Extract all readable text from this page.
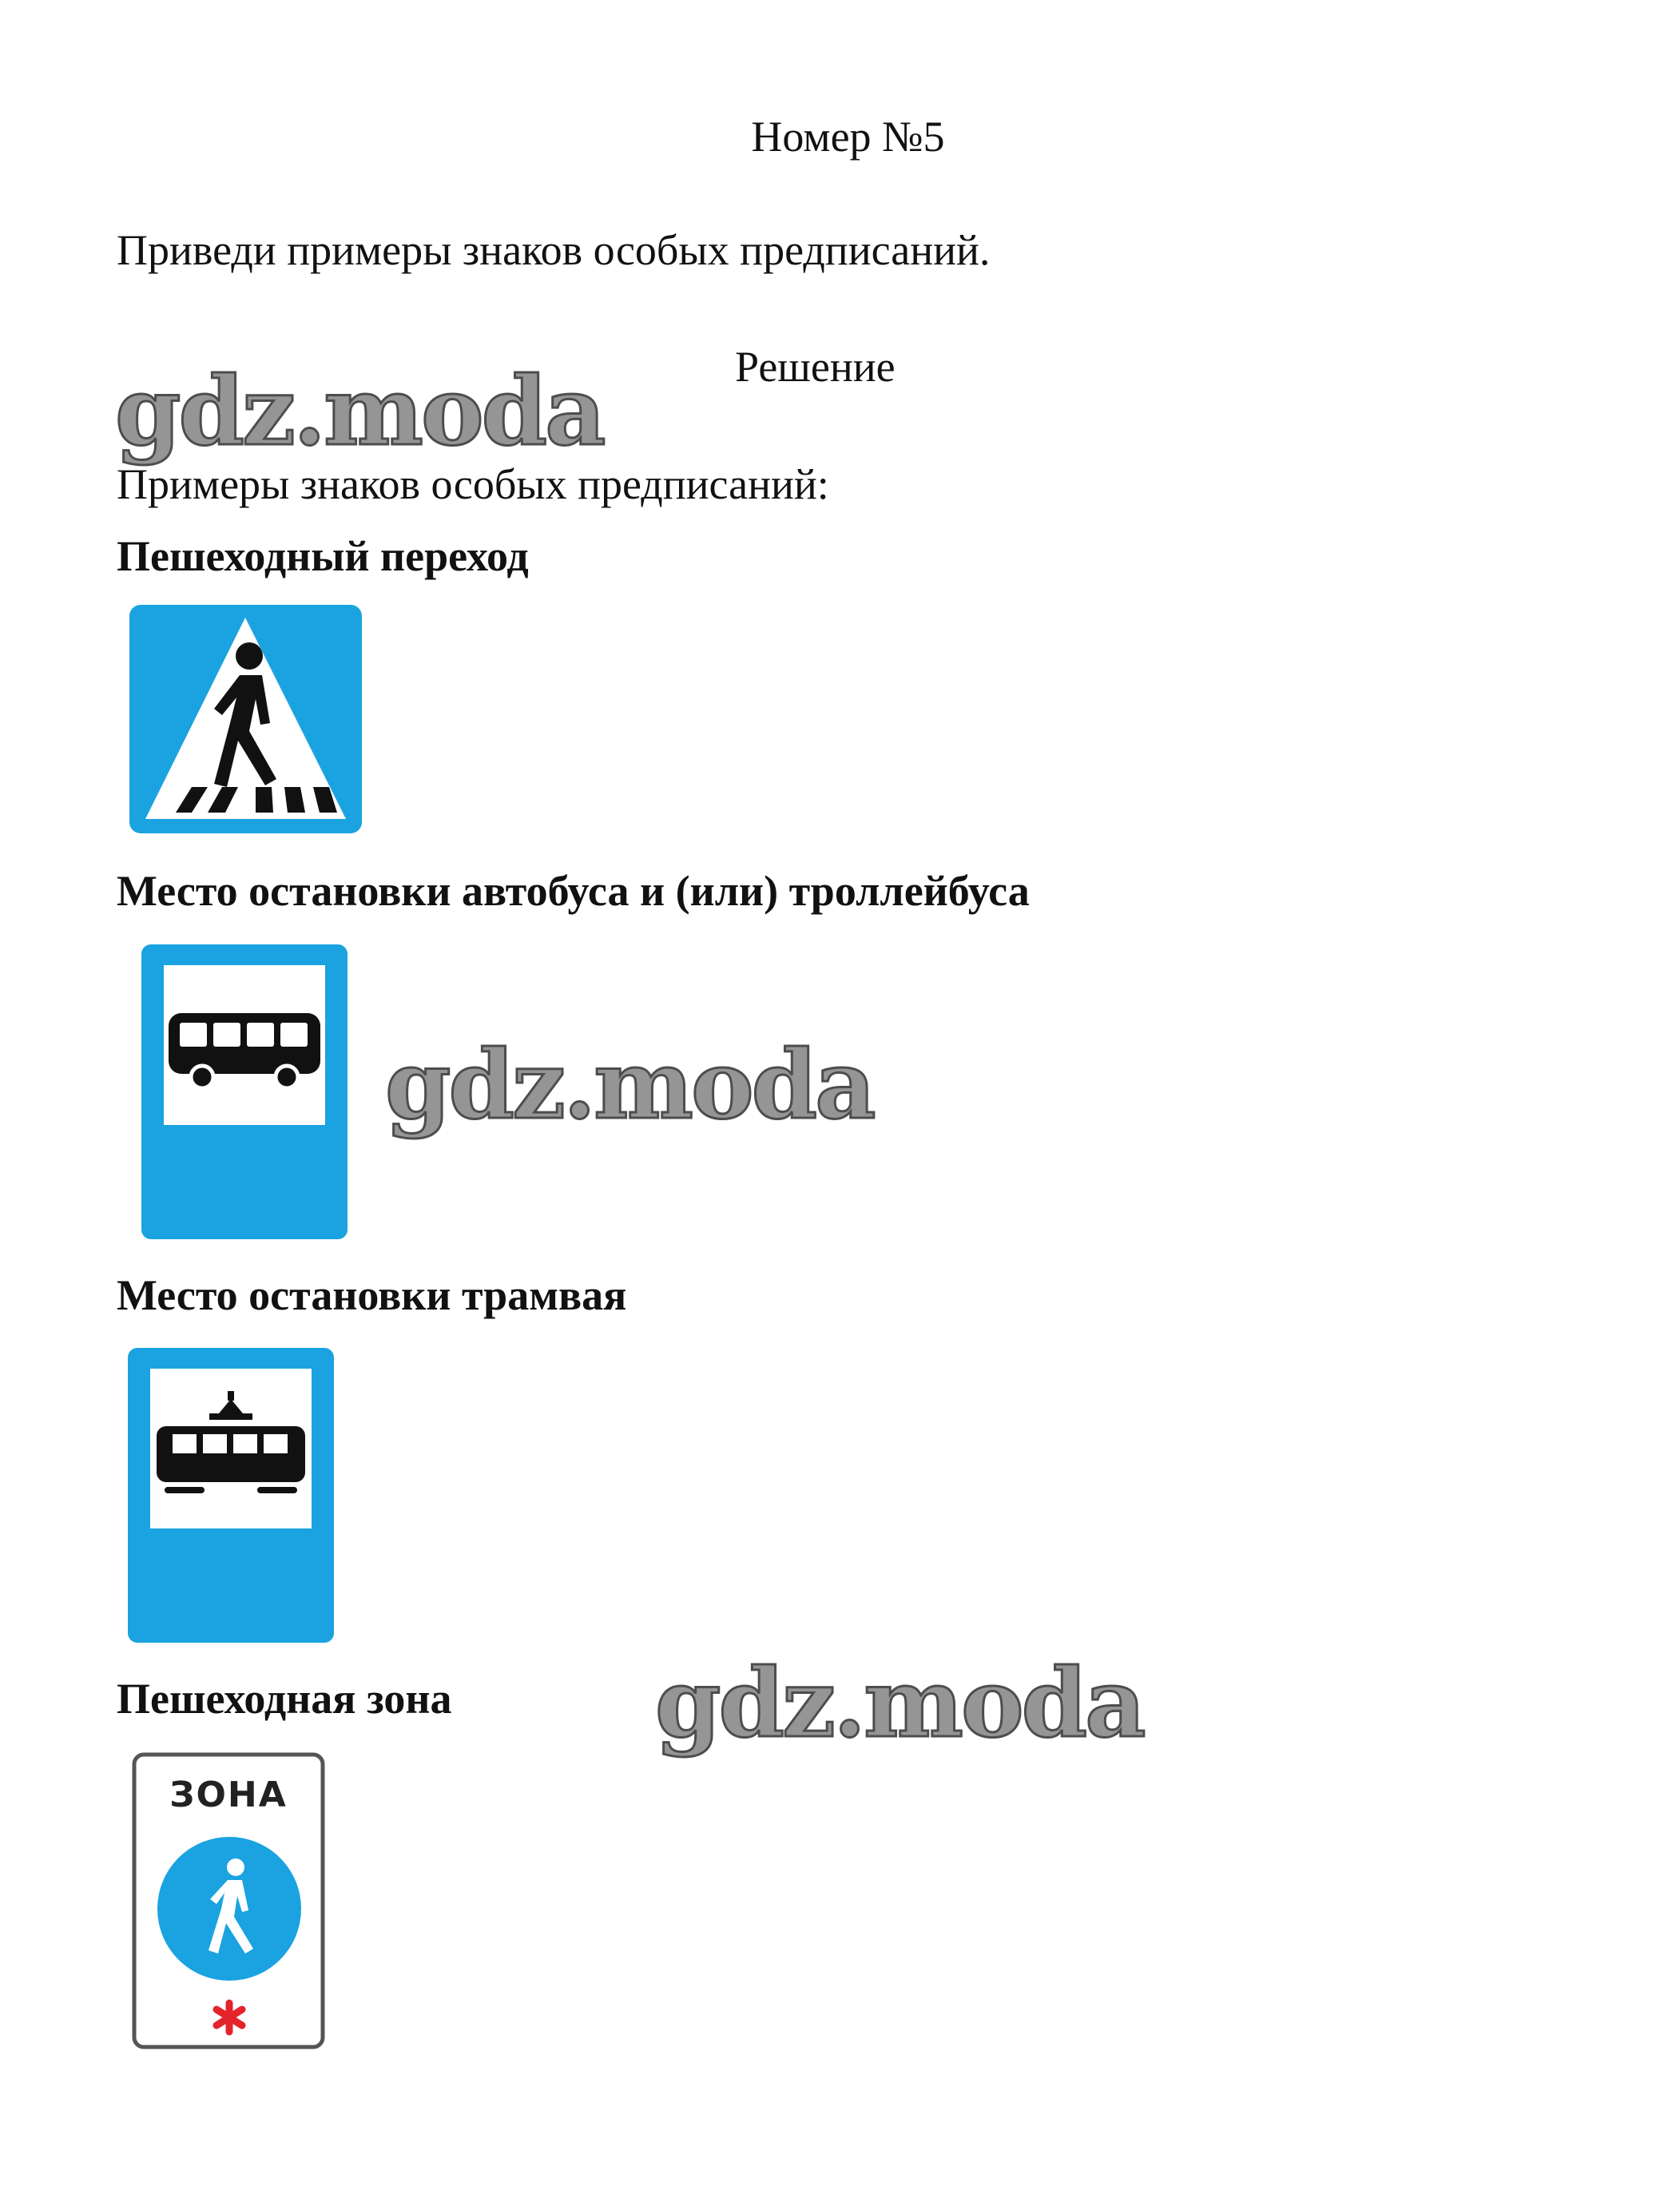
Номер №5

Приведи примеры знаков особых предписаний.

Решение

gdz.moda

Примеры знаков особых предписаний:

Пешеходный переход

Место остановки автобуса и (или) троллейбуса

gdz.moda

Место остановки трамвая

Пешеходная зона gdz.moda
ЗОНА
